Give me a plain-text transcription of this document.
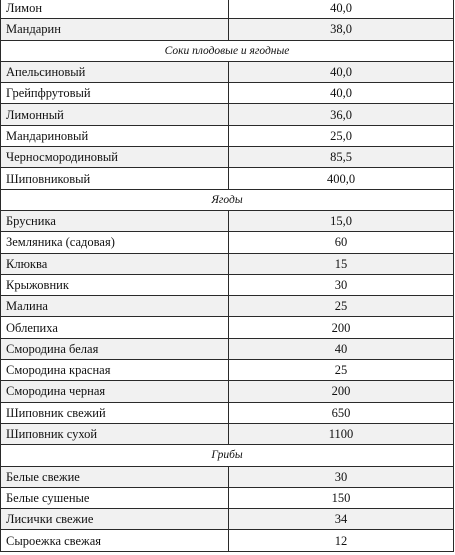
Лимон	40,0
Мандарин	38,0
Соки плодовые и ягодные	
Апельсиновый	40,0
Грейпфрутовый	40,0
Лимонный	36,0
Мандариновый	25,0
Черносмородиновый	85,5
Шиповниковый	400,0
Ягоды	
Брусника	15,0
Земляника (садовая)	60
Клюква	15
Крыжовник	30
Малина	25
Облепиха	200
Смородина белая	40
Смородина красная	25
Смородина черная	200
Шиповник свежий	650
Шиповник сухой	1100
Грибы	
Белые свежие	30
Белые сушеные	150
Лисички свежие	34
Сыроежка свежая	12
